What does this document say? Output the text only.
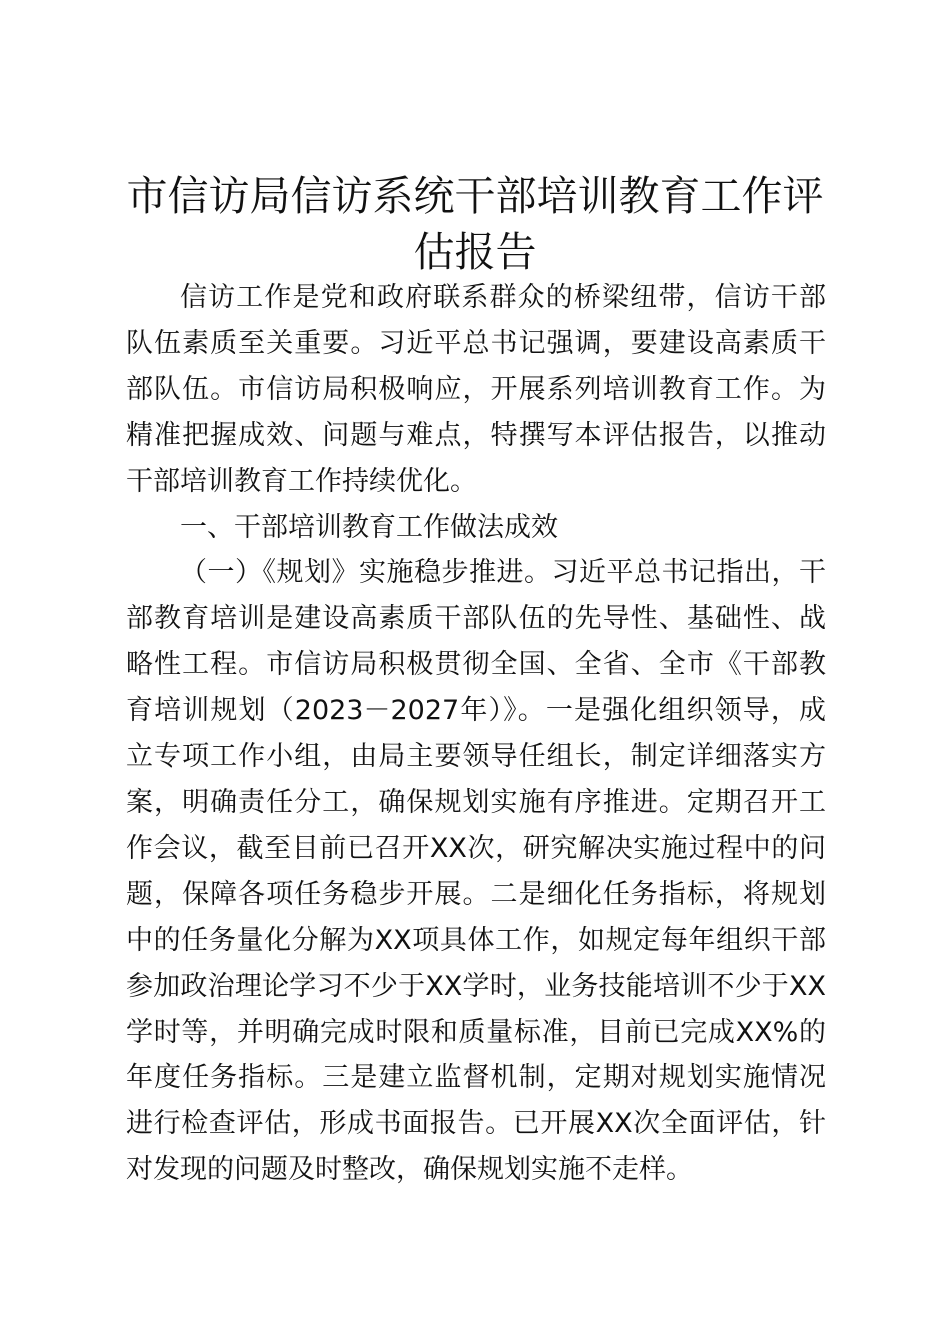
市信访局信访系统干部培训教育工作评估报告

信访工作是党和政府联系群众的桥梁纽带，信访干部队伍素质至关重要。习近平总书记强调，要建设高素质干部队伍。市信访局积极响应，开展系列培训教育工作。为精准把握成效、问题与难点，特撰写本评估报告，以推动干部培训教育工作持续优化。

一、干部培训教育工作做法成效

（一）《规划》实施稳步推进。习近平总书记指出，干部教育培训是建设高素质干部队伍的先导性、基础性、战略性工程。市信访局积极贯彻全国、全省、全市《干部教育培训规划（2023－2027年）》。一是强化组织领导，成立专项工作小组，由局主要领导任组长，制定详细落实方案，明确责任分工，确保规划实施有序推进。定期召开工作会议，截至目前已召开XX次，研究解决实施过程中的问题，保障各项任务稳步开展。二是细化任务指标，将规划中的任务量化分解为XX项具体工作，如规定每年组织干部参加政治理论学习不少于XX学时，业务技能培训不少于XX学时等，并明确完成时限和质量标准，目前已完成XX%的年度任务指标。三是建立监督机制，定期对规划实施情况进行检查评估，形成书面报告。已开展XX次全面评估，针对发现的问题及时整改，确保规划实施不走样。
